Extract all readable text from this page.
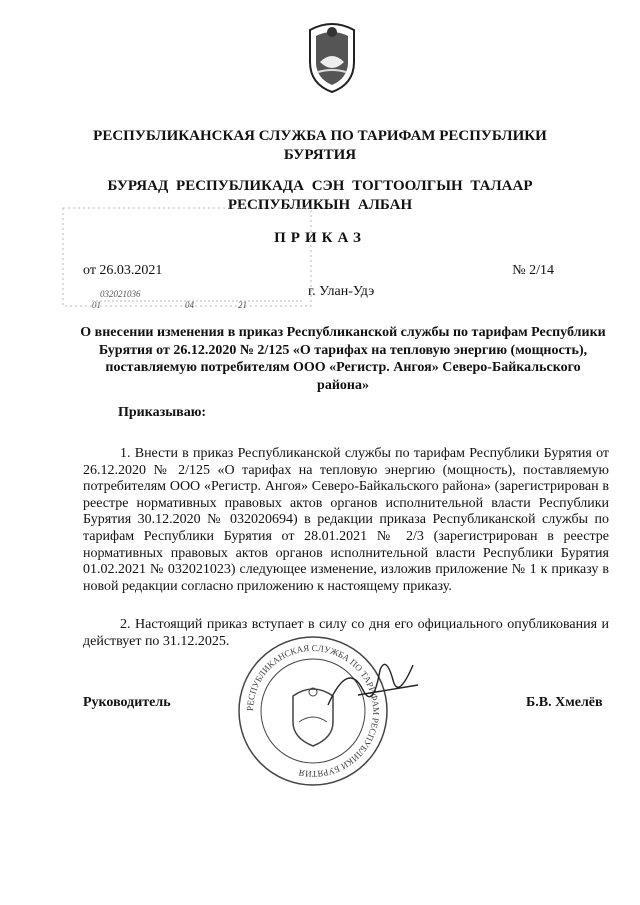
РЕСПУБЛИКАНСКАЯ СЛУЖБА ПО ТАРИФАМ РЕСПУБЛИКИ БУРЯТИЯ
БУРЯАД РЕСПУБЛИКАДА СЭН ТОГТООЛГЫН ТАЛААР РЕСПУБЛИКЫН АЛБАН
032021036
01	04	21
ПРИКАЗ
от 26.03.2021	№ 2/14
г. Улан-Удэ
О внесении изменения в приказ Республиканской службы по тарифам Республики Бурятия от 26.12.2020 № 2/125 «О тарифах на тепловую энергию (мощность), поставляемую потребителям ООО «Регистр. Ангоя» Северо-Байкальского района»
Приказываю:
1. Внести в приказ Республиканской службы по тарифам Республики Бурятия от 26.12.2020 № 2/125 «О тарифах на тепловую энергию (мощность), поставляемую потребителям ООО «Регистр. Ангоя» Северо-Байкальского района» (зарегистрирован в реестре нормативных правовых актов органов исполнительной власти Республики Бурятия 30.12.2020 № 032020694) в редакции приказа Республиканской службы по тарифам Республики Бурятия от 28.01.2021 № 2/3 (зарегистрирован в реестре нормативных правовых актов органов исполнительной власти Республики Бурятия 01.02.2021 № 032021023) следующее изменение, изложив приложение № 1 к приказу в новой редакции согласно приложению к настоящему приказу.
2. Настоящий приказ вступает в силу со дня его официального опубликования и действует по 31.12.2025.
РЕСПУБЛИКАНСКАЯ СЛУЖБА ПО ТАРИФАМ РЕСПУБЛИКИ БУРЯТИЯ
Руководитель	Б.В. Хмелёв
